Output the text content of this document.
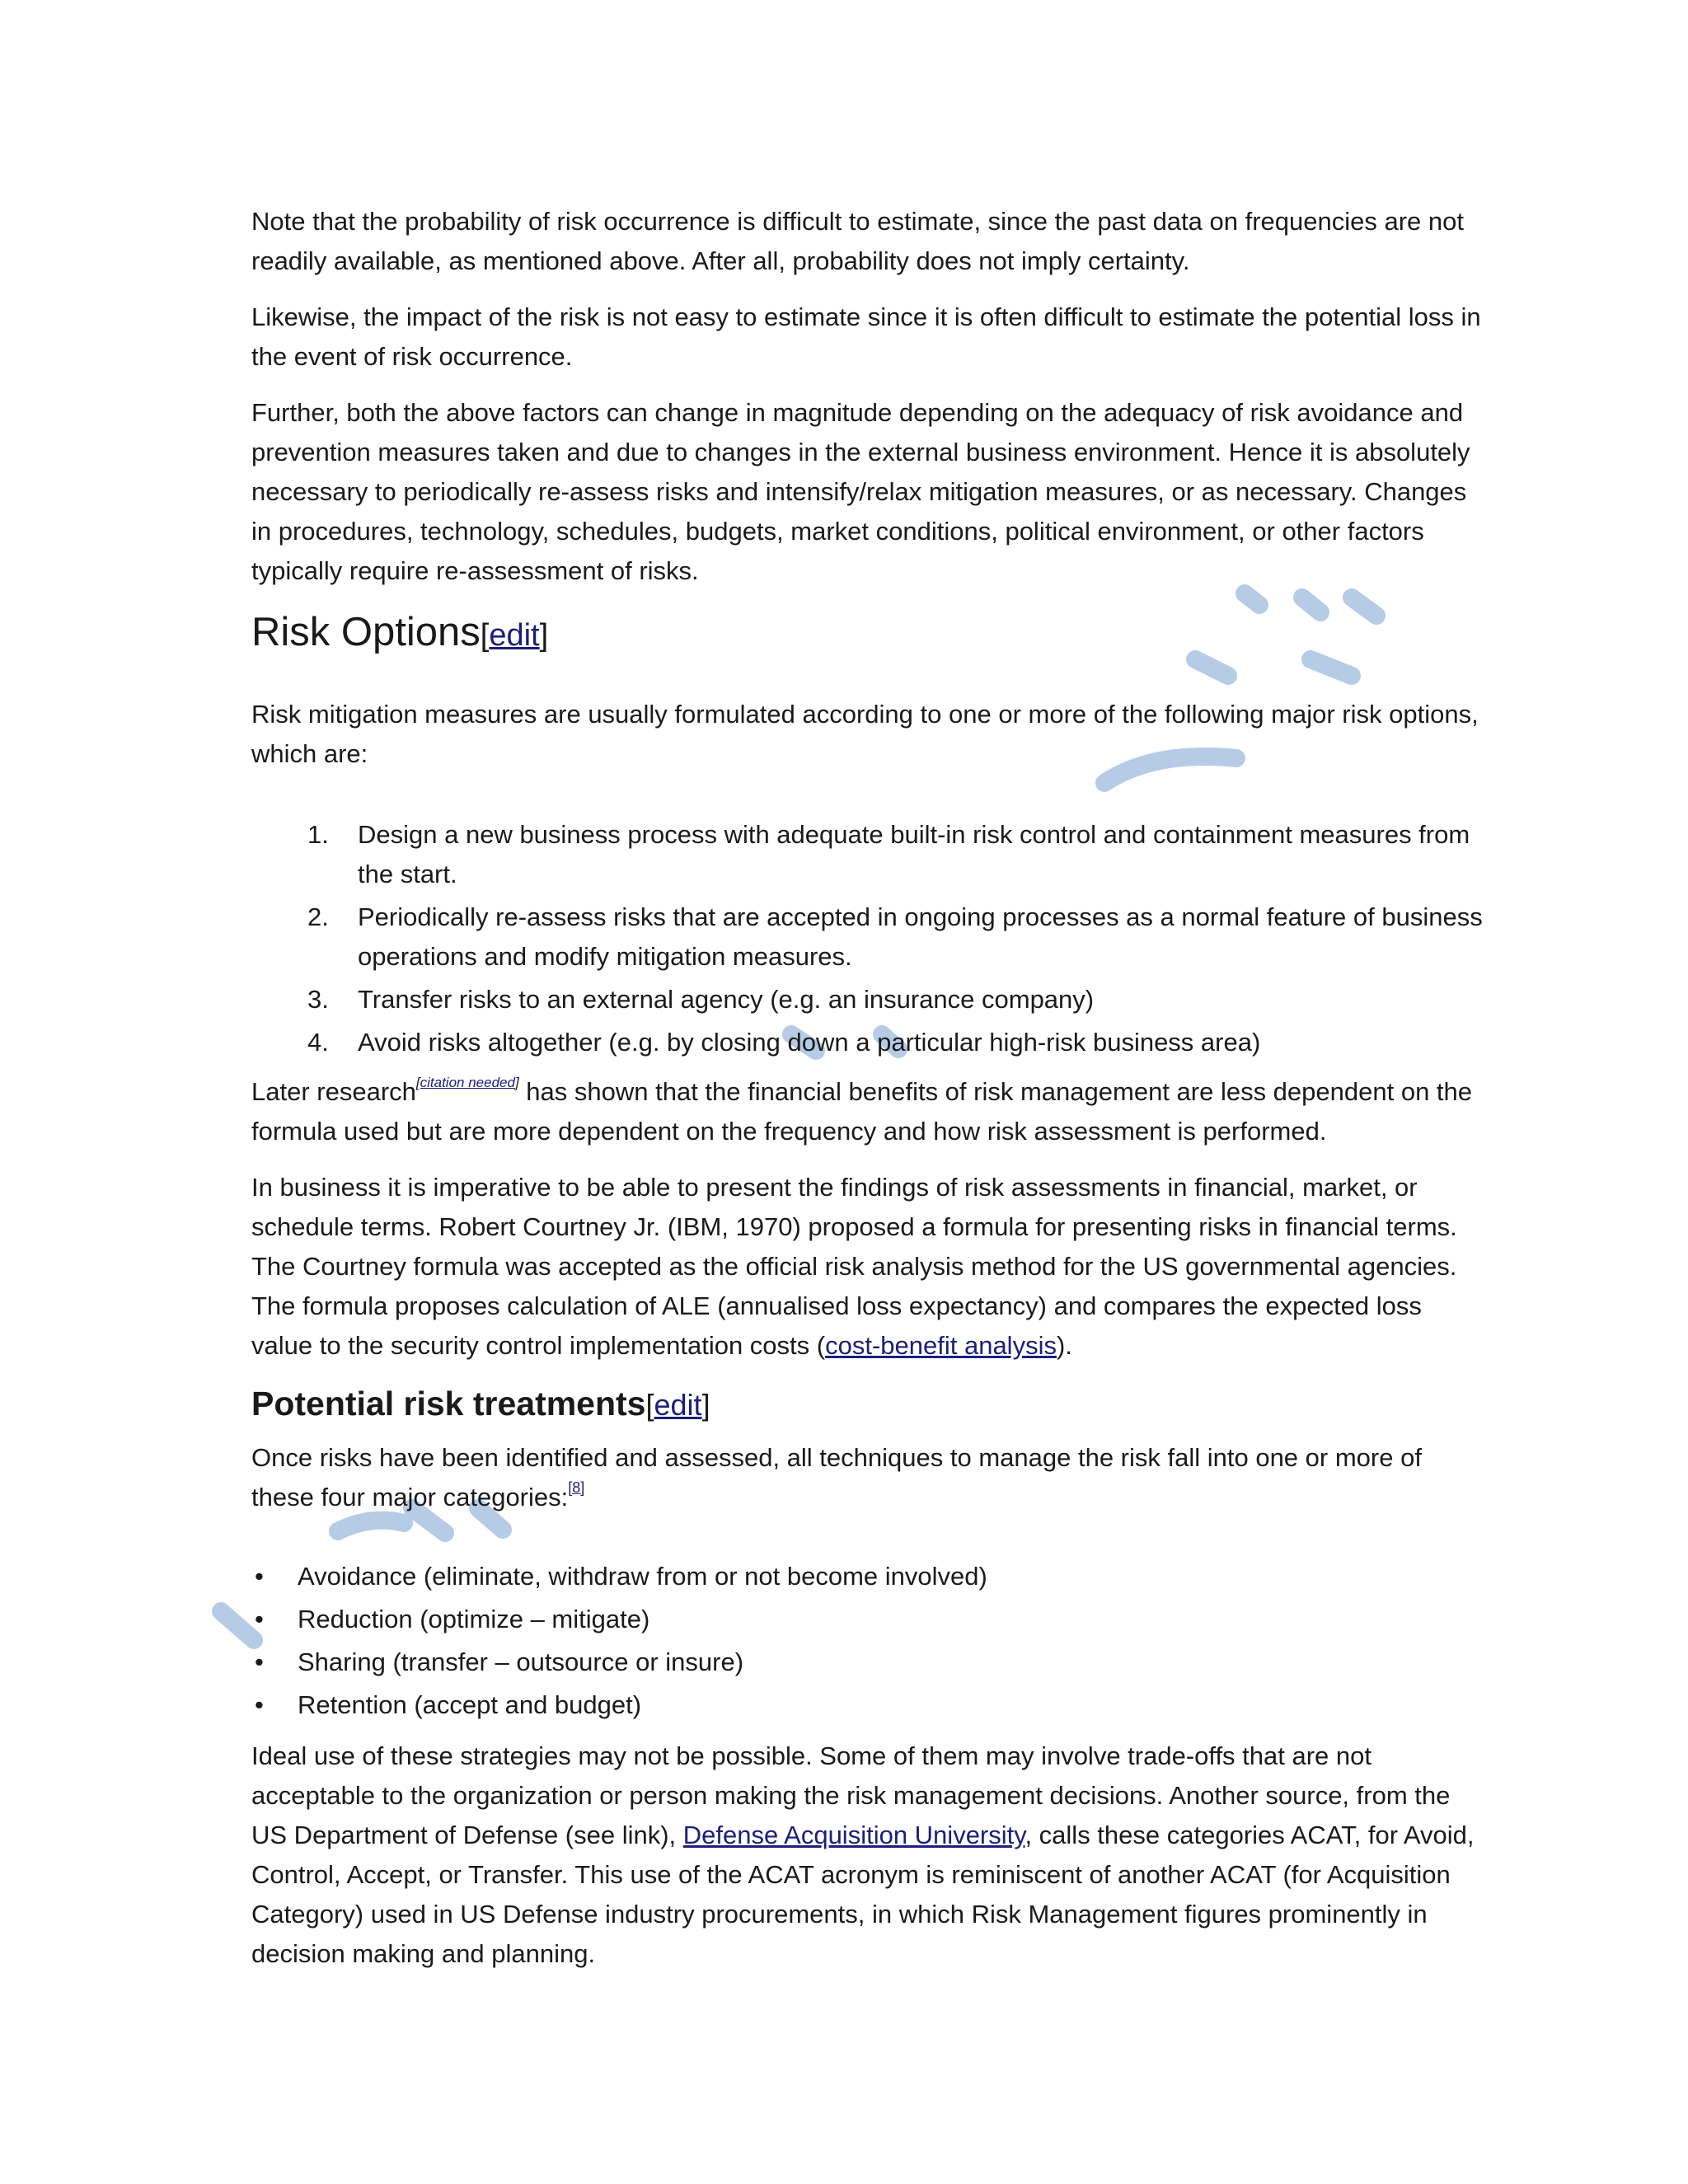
Note that the probability of risk occurrence is difficult to estimate, since the past data on frequencies are not readily available, as mentioned above. After all, probability does not imply certainty.

Likewise, the impact of the risk is not easy to estimate since it is often difficult to estimate the potential loss in the event of risk occurrence.

Further, both the above factors can change in magnitude depending on the adequacy of risk avoidance and prevention measures taken and due to changes in the external business environment. Hence it is absolutely necessary to periodically re-assess risks and intensify/relax mitigation measures, or as necessary. Changes in procedures, technology, schedules, budgets, market conditions, political environment, or other factors typically require re-assessment of risks.

Risk Options[edit]

Risk mitigation measures are usually formulated according to one or more of the following major risk options, which are:

1. Design a new business process with adequate built-in risk control and containment measures from the start.
2. Periodically re-assess risks that are accepted in ongoing processes as a normal feature of business operations and modify mitigation measures.
3. Transfer risks to an external agency (e.g. an insurance company)
4. Avoid risks altogether (e.g. by closing down a particular high-risk business area)

Later research[citation needed] has shown that the financial benefits of risk management are less dependent on the formula used but are more dependent on the frequency and how risk assessment is performed.

In business it is imperative to be able to present the findings of risk assessments in financial, market, or schedule terms. Robert Courtney Jr. (IBM, 1970) proposed a formula for presenting risks in financial terms. The Courtney formula was accepted as the official risk analysis method for the US governmental agencies. The formula proposes calculation of ALE (annualised loss expectancy) and compares the expected loss value to the security control implementation costs (cost-benefit analysis).

Potential risk treatments[edit]

Once risks have been identified and assessed, all techniques to manage the risk fall into one or more of these four major categories:[8]

• Avoidance (eliminate, withdraw from or not become involved)
• Reduction (optimize – mitigate)
• Sharing (transfer – outsource or insure)
• Retention (accept and budget)

Ideal use of these strategies may not be possible. Some of them may involve trade-offs that are not acceptable to the organization or person making the risk management decisions. Another source, from the US Department of Defense (see link), Defense Acquisition University, calls these categories ACAT, for Avoid, Control, Accept, or Transfer. This use of the ACAT acronym is reminiscent of another ACAT (for Acquisition Category) used in US Defense industry procurements, in which Risk Management figures prominently in decision making and planning.
